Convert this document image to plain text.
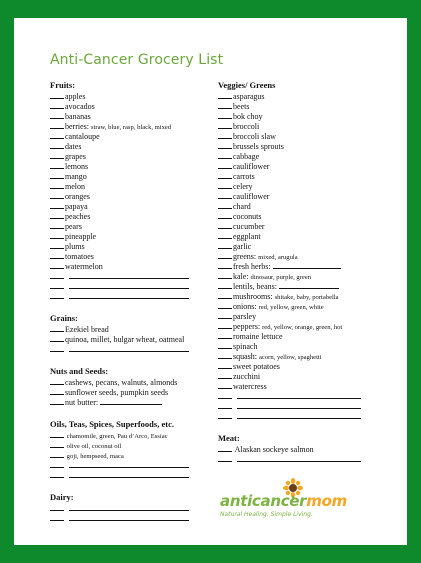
Anti-Cancer Grocery List
Fruits:
apples
avocados
bananas
berries: straw, blue, rasp, black, mixed
cantaloupe
dates
grapes
lemons
mango
melon
oranges
papaya
peaches
pears
pineapple
plums
tomatoes
watermelon
Grains:
Ezekiel bread
quinoa, millet, bulgar wheat, oatmeal
Nuts and Seeds:
cashews, pecans, walnuts, almonds
sunflower seeds, pumpkin seeds
nut butter:
Oils, Teas, Spices, Superfoods, etc.
chamomile, green, Pau d’Arco, Essiac
olive oil, coconut oil
goji, hempseed, maca
Dairy:
Veggies/ Greens
asparagus
beets
bok choy
broccoli
broccoli slaw
brussels sprouts
cabbage
cauliflower
carrots
celery
cauliflower
chard
coconuts
cucumber
eggplant
garlic
greens: mixed, arugula
fresh herbs:
kale: dinosaur, purple, green
lentils, beans:
mushrooms: shitake, baby, portabella
onions: red, yellow, green, white
parsley
peppers: red, yellow, orange, green, hot
romaine lettuce
spinach
squash: acorn, yellow, spaghetti
sweet potatoes
zucchini
watercress
Meat:
Alaskan sockeye salmon
anticancermom
Natural Healing. Simple Living.
